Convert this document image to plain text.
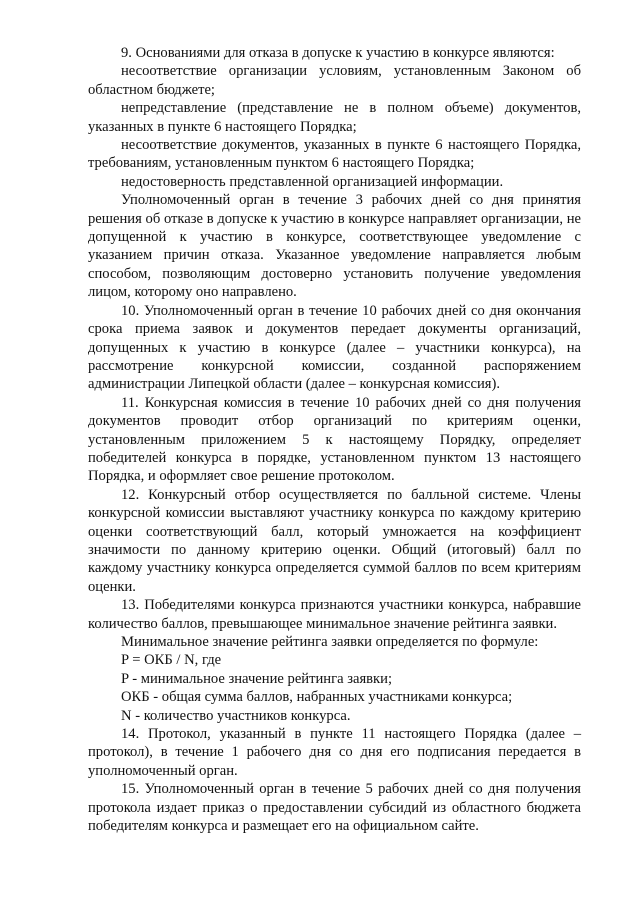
9. Основаниями для отказа в допуске к участию в конкурсе являются:

несоответствие организации условиям, установленным Законом об областном бюджете;

непредставление (представление не в полном объеме) документов, указанных в пункте 6 настоящего Порядка;

несоответствие документов, указанных в пункте 6 настоящего Порядка, требованиям, установленным пунктом 6 настоящего Порядка;

недостоверность представленной организацией информации.

Уполномоченный орган в течение 3 рабочих дней со дня принятия решения об отказе в допуске к участию в конкурсе направляет организации, не допущенной к участию в конкурсе, соответствующее уведомление с указанием причин отказа. Указанное уведомление направляется любым способом, позволяющим достоверно установить получение уведомления лицом, которому оно направлено.

10. Уполномоченный орган в течение 10 рабочих дней со дня окончания срока приема заявок и документов передает документы организаций, допущенных к участию в конкурсе (далее – участники конкурса), на рассмотрение конкурсной комиссии, созданной распоряжением администрации Липецкой области (далее – конкурсная комиссия).

11. Конкурсная комиссия в течение 10 рабочих дней со дня получения документов проводит отбор организаций по критериям оценки, установленным приложением 5 к настоящему Порядку, определяет победителей конкурса в порядке, установленном пунктом 13 настоящего Порядка, и оформляет свое решение протоколом.

12. Конкурсный отбор осуществляется по балльной системе. Члены конкурсной комиссии выставляют участнику конкурса по каждому критерию оценки соответствующий балл, который умножается на коэффициент значимости по данному критерию оценки. Общий (итоговый) балл по каждому участнику конкурса определяется суммой баллов по всем критериям оценки.

13. Победителями конкурса признаются участники конкурса, набравшие количество баллов, превышающее минимальное значение рейтинга заявки.

Минимальное значение рейтинга заявки определяется по формуле:

P = ОКБ / N, где

P - минимальное значение рейтинга заявки;

ОКБ - общая сумма баллов, набранных участниками конкурса;

N - количество участников конкурса.

14. Протокол, указанный в пункте 11 настоящего Порядка (далее – протокол), в течение 1 рабочего дня со дня его подписания передается в уполномоченный орган.

15. Уполномоченный орган в течение 5 рабочих дней со дня получения протокола издает приказ о предоставлении субсидий из областного бюджета победителям конкурса и размещает его на официальном сайте.
